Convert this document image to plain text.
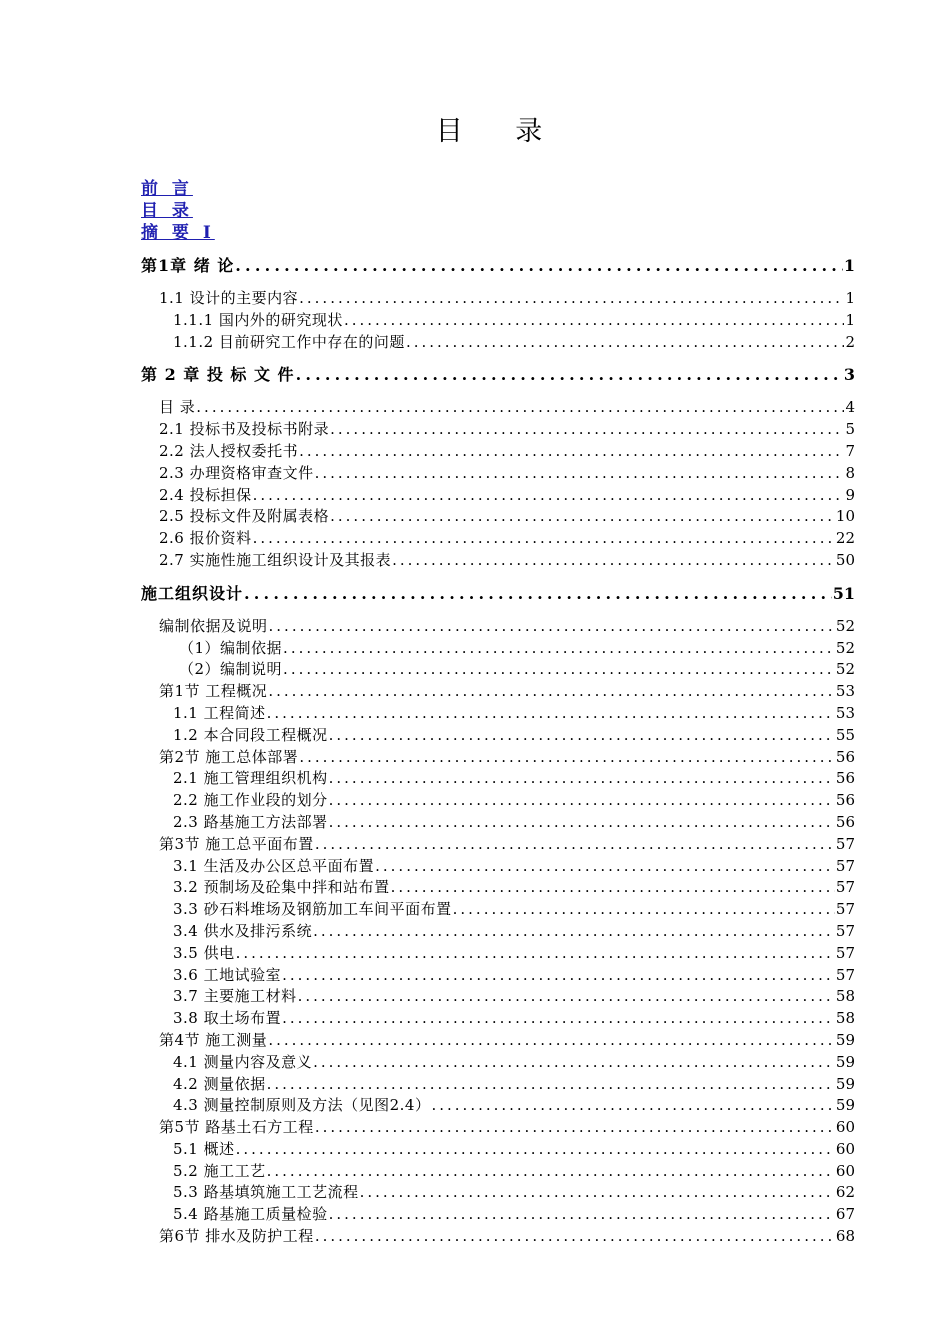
目 录
前 言
目 录
摘 要 I
第1章 绪 论 .....	1
1.1 设计的主要内容 .....	1
1.1.1 国内外的研究现状 .....	1
1.1.2 目前研究工作中存在的问题 .....	2
第 2 章 投 标 文 件 .....	3
目 录 .....	4
2.1 投标书及投标书附录 .....	5
2.2 法人授权委托书 .....	7
2.3 办理资格审查文件 .....	8
2.4 投标担保 .....	9
2.5 投标文件及附属表格 .....	10
2.6 报价资料 .....	22
2.7 实施性施工组织设计及其报表 .....	50
施工组织设计 .....	51
编制依据及说明 .....	52
（1）编制依据 .....	52
（2）编制说明 .....	52
第1节 工程概况 .....	53
1.1 工程简述 .....	53
1.2 本合同段工程概况 .....	55
第2节 施工总体部署 .....	56
2.1 施工管理组织机构 .....	56
2.2 施工作业段的划分 .....	56
2.3 路基施工方法部署 .....	56
第3节 施工总平面布置 .....	57
3.1 生活及办公区总平面布置 .....	57
3.2 预制场及砼集中拌和站布置 .....	57
3.3 砂石料堆场及钢筋加工车间平面布置 .....	57
3.4 供水及排污系统 .....	57
3.5 供电 .....	57
3.6 工地试验室 .....	57
3.7 主要施工材料 .....	58
3.8 取土场布置 .....	58
第4节 施工测量 .....	59
4.1 测量内容及意义 .....	59
4.2 测量依据 .....	59
4.3 测量控制原则及方法（见图2.4） .....	59
第5节 路基土石方工程 .....	60
5.1 概述 .....	60
5.2 施工工艺 .....	60
5.3 路基填筑施工工艺流程 .....	62
5.4 路基施工质量检验 .....	67
第6节 排水及防护工程 .....	68
